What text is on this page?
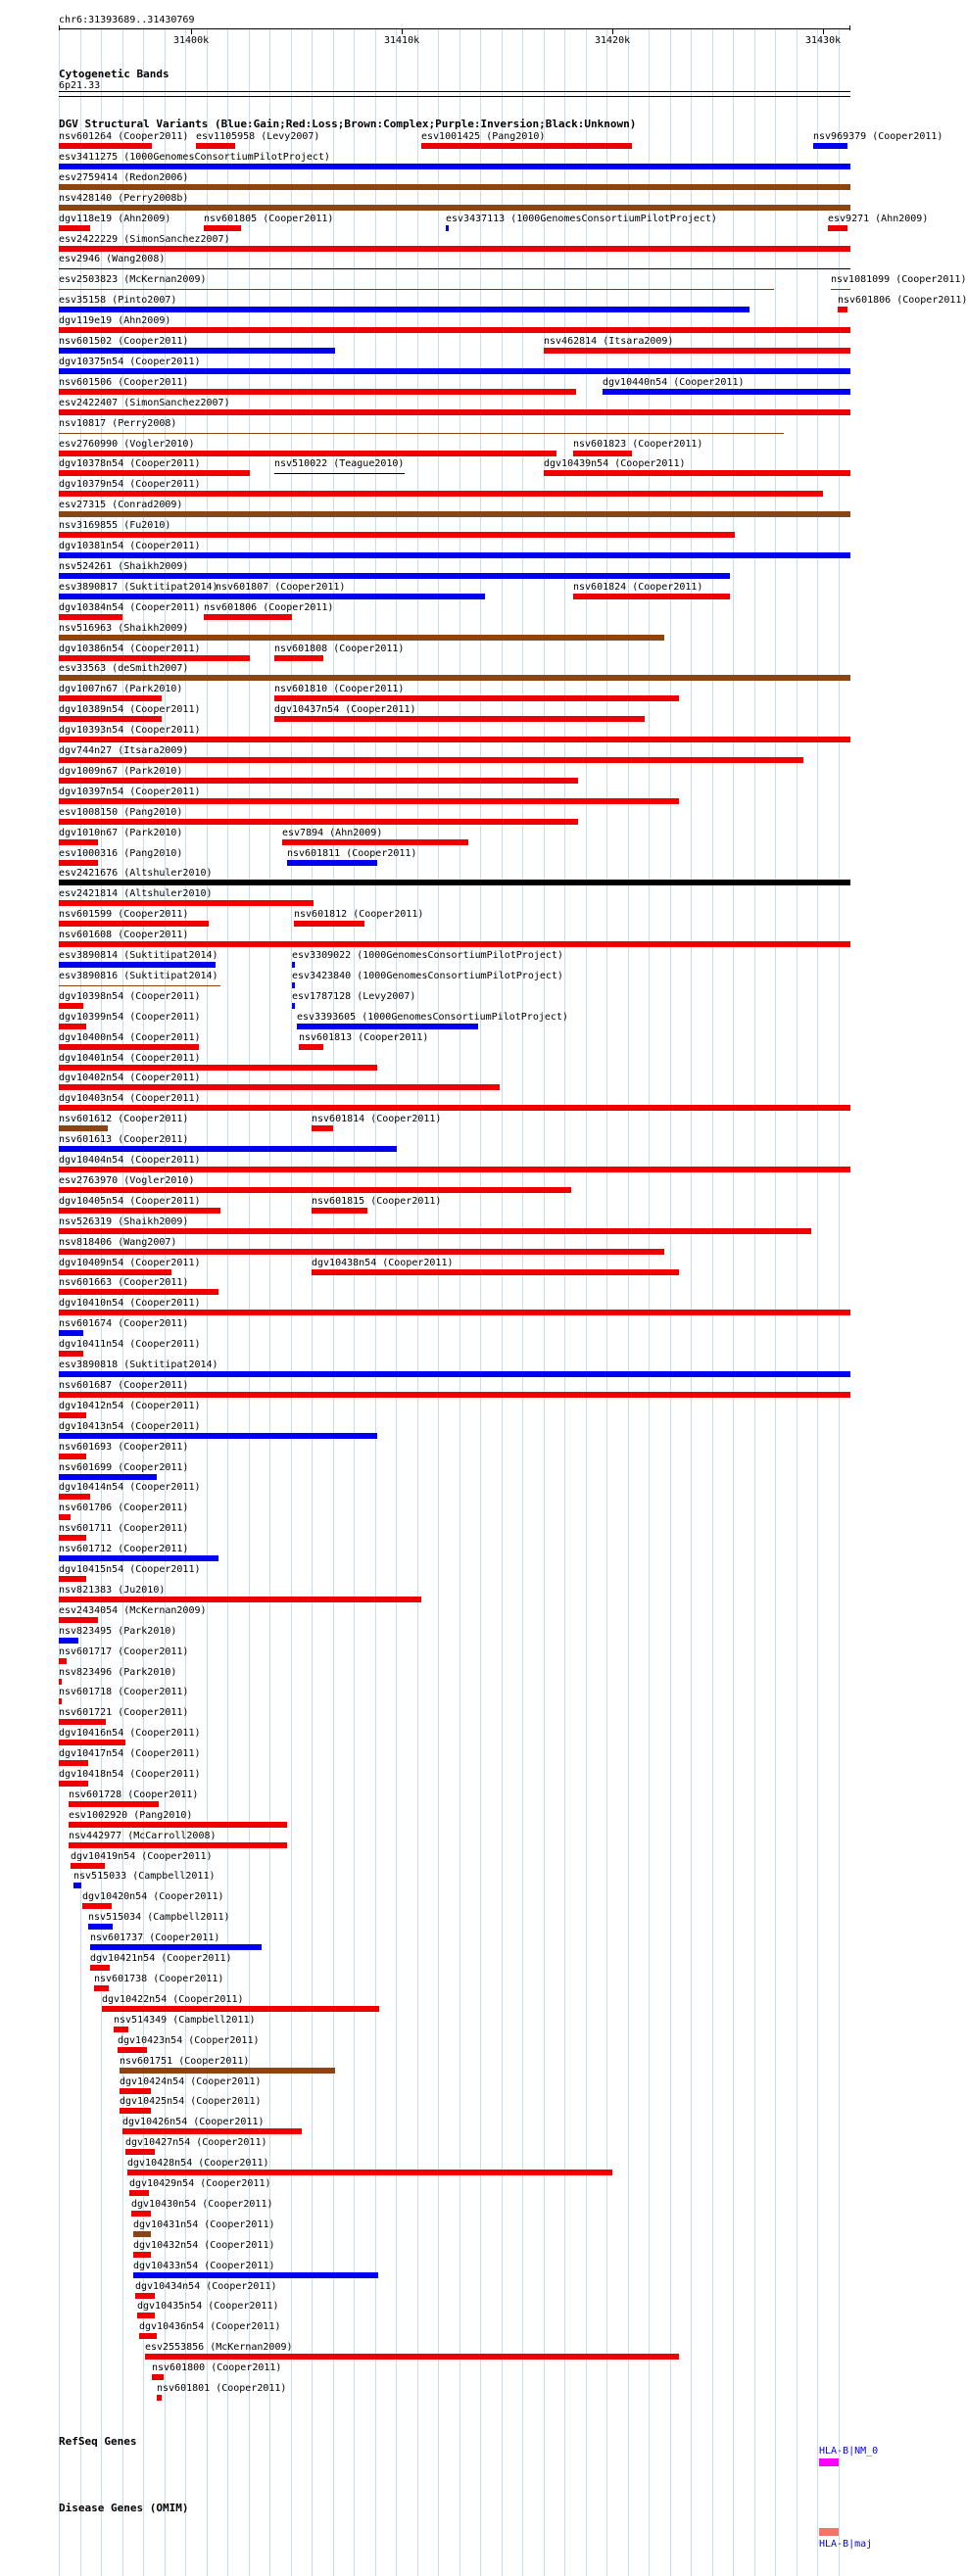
chr6:31393689..31430769
31400k	31410k	31420k	31430k
Cytogenetic Bands
6p21.33
DGV Structural Variants (Blue:Gain;Red:Loss;Brown:Complex;Purple:Inversion;Black:Unknown)
nsv601264 (Cooper2011) esv1105958 (Levy2007)	esv1001425 (Pang2010)	nsv969379 (Cooper2011)
esv3411275 (1000GenomesConsortiumPilotProject)
esv2759414 (Redon2006)
nsv428140 (Perry2008b)
dgv118e19 (Ahn2009)	nsv601805 (Cooper2011)	esv3437113 (1000GenomesConsortiumPilotProject)	esv9271 (Ahn2009)
esv2422229 (SimonSanchez2007)
esv2946 (Wang2008)
esv2503823 (McKernan2009)	nsv1081099 (Cooper2011)
esv35158 (Pinto2007)	nsv601806 (Cooper2011)
dgv119e19 (Ahn2009)
nsv601502 (Cooper2011)	nsv462814 (Itsara2009)
dgv10375n54 (Cooper2011)
nsv601506 (Cooper2011)	dgv10440n54 (Cooper2011)
esv2422407 (SimonSanchez2007)
nsv10817 (Perry2008)
esv2760990 (Vogler2010)	nsv601823 (Cooper2011)
dgv10378n54 (Cooper2011)	nsv510022 (Teague2010)	dgv10439n54 (Cooper2011)
dgv10379n54 (Cooper2011)
esv27315 (Conrad2009)
nsv3169855 (Fu2010)
dgv10381n54 (Cooper2011)
nsv524261 (Shaikh2009)
esv3890817 (Suktitipat2014)
nsv601807 (Cooper2011)	nsv601824 (Cooper2011)
dgv10384n54 (Cooper2011) nsv601806 (Cooper2011)
nsv516963 (Shaikh2009)
dgv10386n54 (Cooper2011)	nsv601808 (Cooper2011)
esv33563 (deSmith2007)
dgv1007n67 (Park2010)	nsv601810 (Cooper2011)
dgv10389n54 (Cooper2011)	dgv10437n54 (Cooper2011)
dgv10393n54 (Cooper2011)
dgv744n27 (Itsara2009)
dgv1009n67 (Park2010)
dgv10397n54 (Cooper2011)
esv1008150 (Pang2010)
dgv1010n67 (Park2010)	esv7894 (Ahn2009)
esv1000316 (Pang2010)	nsv601811 (Cooper2011)
esv2421676 (Altshuler2010)
esv2421814 (Altshuler2010)
nsv601599 (Cooper2011)	nsv601812 (Cooper2011)
nsv601608 (Cooper2011)
esv3890814 (Suktitipat2014)	esv3309022 (1000GenomesConsortiumPilotProject)
esv3890816 (Suktitipat2014)	esv3423840 (1000GenomesConsortiumPilotProject)
dgv10398n54 (Cooper2011)	esv1787128 (Levy2007)
dgv10399n54 (Cooper2011)	esv3393605 (1000GenomesConsortiumPilotProject)
dgv10400n54 (Cooper2011)	nsv601813 (Cooper2011)
dgv10401n54 (Cooper2011)
dgv10402n54 (Cooper2011)
dgv10403n54 (Cooper2011)
nsv601612 (Cooper2011)	nsv601814 (Cooper2011)
nsv601613 (Cooper2011)
dgv10404n54 (Cooper2011)
esv2763970 (Vogler2010)
dgv10405n54 (Cooper2011)	nsv601815 (Cooper2011)
nsv526319 (Shaikh2009)
nsv818406 (Wang2007)
dgv10409n54 (Cooper2011)	dgv10438n54 (Cooper2011)
nsv601663 (Cooper2011)
dgv10410n54 (Cooper2011)
nsv601674 (Cooper2011)
dgv10411n54 (Cooper2011)
esv3890818 (Suktitipat2014)
nsv601687 (Cooper2011)
dgv10412n54 (Cooper2011)
dgv10413n54 (Cooper2011)
nsv601693 (Cooper2011)
nsv601699 (Cooper2011)
dgv10414n54 (Cooper2011)
nsv601706 (Cooper2011)
nsv601711 (Cooper2011)
nsv601712 (Cooper2011)
dgv10415n54 (Cooper2011)
nsv821383 (Ju2010)
esv2434054 (McKernan2009)
nsv823495 (Park2010)
nsv601717 (Cooper2011)
nsv823496 (Park2010)
nsv601718 (Cooper2011)
nsv601721 (Cooper2011)
dgv10416n54 (Cooper2011)
dgv10417n54 (Cooper2011)
dgv10418n54 (Cooper2011)
nsv601728 (Cooper2011)
esv1002920 (Pang2010)
nsv442977 (McCarroll2008)
dgv10419n54 (Cooper2011)
nsv515033 (Campbell2011)
dgv10420n54 (Cooper2011)
nsv515034 (Campbell2011)
nsv601737 (Cooper2011)
dgv10421n54 (Cooper2011)
nsv601738 (Cooper2011)
dgv10422n54 (Cooper2011)
nsv514349 (Campbell2011)
dgv10423n54 (Cooper2011)
nsv601751 (Cooper2011)
dgv10424n54 (Cooper2011)
dgv10425n54 (Cooper2011)
dgv10426n54 (Cooper2011)
dgv10427n54 (Cooper2011)
dgv10428n54 (Cooper2011)
dgv10429n54 (Cooper2011)
dgv10430n54 (Cooper2011)
dgv10431n54 (Cooper2011)
dgv10432n54 (Cooper2011)
dgv10433n54 (Cooper2011)
dgv10434n54 (Cooper2011)
dgv10435n54 (Cooper2011)
dgv10436n54 (Cooper2011)
esv2553856 (McKernan2009)
nsv601800 (Cooper2011)
nsv601801 (Cooper2011)
RefSeq Genes
HLA-B|NM_0
Disease Genes (OMIM)
HLA-B|maj
